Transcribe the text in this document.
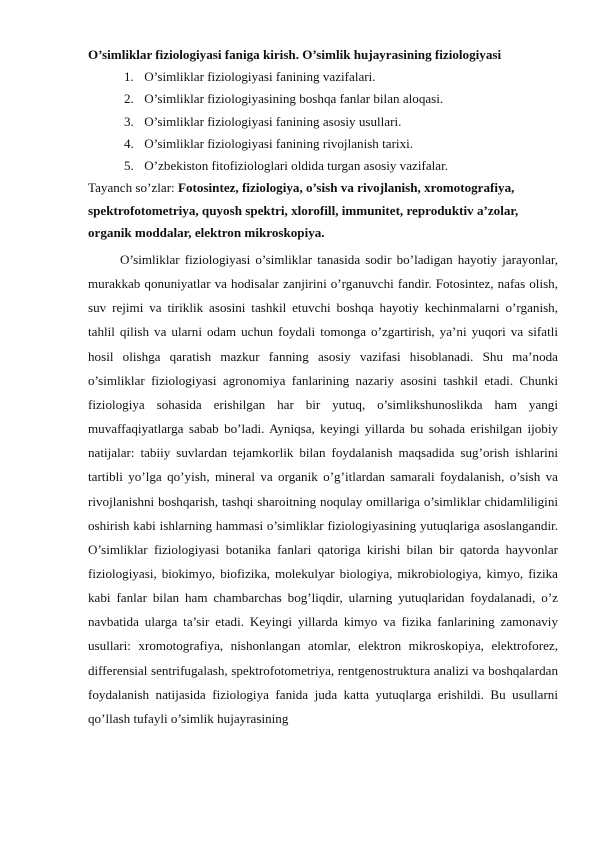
O’simliklar fiziologiyasi faniga kirish. O’simlik hujayrasining fiziologiyasi

1. O’simliklar fiziologiyasi fanining vazifalari.
2. O’simliklar fiziologiyasining boshqa fanlar bilan aloqasi.
3. O’simliklar fiziologiyasi fanining asosiy usullari.
4. O’simliklar fiziologiyasi fanining rivojlanish tarixi.
5. O’zbekiston fitofiziologlari oldida turgan asosiy vazifalar.

Tayanch so’zlar: Fotosintez, fiziologiya, o’sish va rivojlanish, xromotografiya, spektrofotometriya, quyosh spektri, xlorofill, immunitet, reproduktiv a’zolar, organik moddalar, elektron mikroskopiya.

O’simliklar fiziologiyasi o’simliklar tanasida sodir bo’ladigan hayotiy jarayonlar, murakkab qonuniyatlar va hodisalar zanjirini o’rganuvchi fandir. Fotosintez, nafas olish, suv rejimi va tiriklik asosini tashkil etuvchi boshqa hayotiy kechinmalarni o’rganish, tahlil qilish va ularni odam uchun foydali tomonga o’zgartirish, ya’ni yuqori va sifatli hosil olishga qaratish mazkur fanning asosiy vazifasi hisoblanadi. Shu ma’noda o’simliklar fiziologiyasi agronomiya fanlarining nazariy asosini tashkil etadi. Chunki fiziologiya sohasida erishilgan har bir yutuq, o’simlikshunoslikda ham yangi muvaffaqiyatlarga sabab bo’ladi. Ayniqsa, keyingi yillarda bu sohada erishilgan ijobiy natijalar: tabiiy suvlardan tejamkorlik bilan foydalanish maqsadida sug’orish ishlarini tartibli yo’lga qo’yish, mineral va organik o’g’itlardan samarali foydalanish, o’sish va rivojlanishni boshqarish, tashqi sharoitning noqulay omillariga o’simliklar chidamliligini oshirish kabi ishlarning hammasi o’simliklar fiziologiyasining yutuqlariga asoslangandir. O’simliklar fiziologiyasi botanika fanlari qatoriga kirishi bilan bir qatorda hayvonlar fiziologiyasi, biokimyo, biofizika, molekulyar biologiya, mikrobiologiya, kimyo, fizika kabi fanlar bilan ham chambarchas bog’liqdir, ularning yutuqlaridan foydalanadi, o’z navbatida ularga ta’sir etadi. Keyingi yillarda kimyo va fizika fanlarining zamonaviy usullari: xromotografiya, nishonlangan atomlar, elektron mikroskopiya, elektroforez, differensial sentrifugalash, spektrofotometriya, rentgenostruktura analizi va boshqalardan foydalanish natijasida fiziologiya fanida juda katta yutuqlarga erishildi. Bu usullarni qo’llash tufayli o’simlik hujayrasining
